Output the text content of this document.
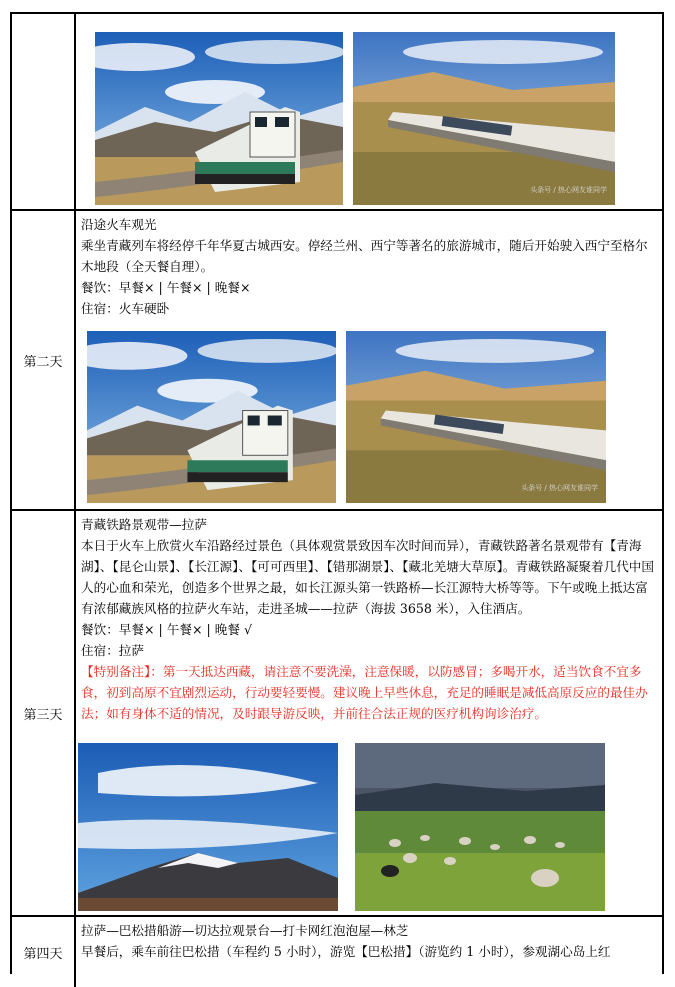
头条号 / 热心网友谁同学
第二天

沿途火车观光

乘坐青藏列车将经停千年华夏古城西安。停经兰州、西宁等著名的旅游城市，随后开始驶入西宁至格尔木地段（全天餐自理）。

餐饮：早餐× | 午餐× | 晚餐×

住宿：火车硬卧

头条号 / 热心网友谁同学
第三天

青藏铁路景观带—拉萨

本日于火车上欣赏火车沿路经过景色（具体观赏景致因车次时间而异），青藏铁路著名景观带有【青海湖】、【昆仑山景】、【长江源】、【可可西里】、【错那湖景】、【藏北羌塘大草原】。青藏铁路凝聚着几代中国人的心血和荣光，创造多个世界之最，如长江源头第一铁路桥—长江源特大桥等等。下午或晚上抵达富有浓郁藏族风格的拉萨火车站，走进圣城——拉萨（海拔 3658 米），入住酒店。

餐饮：早餐× | 午餐× | 晚餐 √

住宿：拉萨

【特别备注】：第一天抵达西藏，请注意不要洗澡，注意保暖，以防感冒；多喝开水，适当饮食不宜多食，初到高原不宜剧烈运动，行动要轻要慢。建议晚上早些休息，充足的睡眠是减低高原反应的最佳办法；如有身体不适的情况，及时跟导游反映，并前往合法正规的医疗机构询诊治疗。

第四天

拉萨—巴松措船游—切达拉观景台—打卡网红泡泡屋—林芝

早餐后，乘车前往巴松措（车程约 5 小时），游览【巴松措】（游览约 1 小时），参观湖心岛上红
